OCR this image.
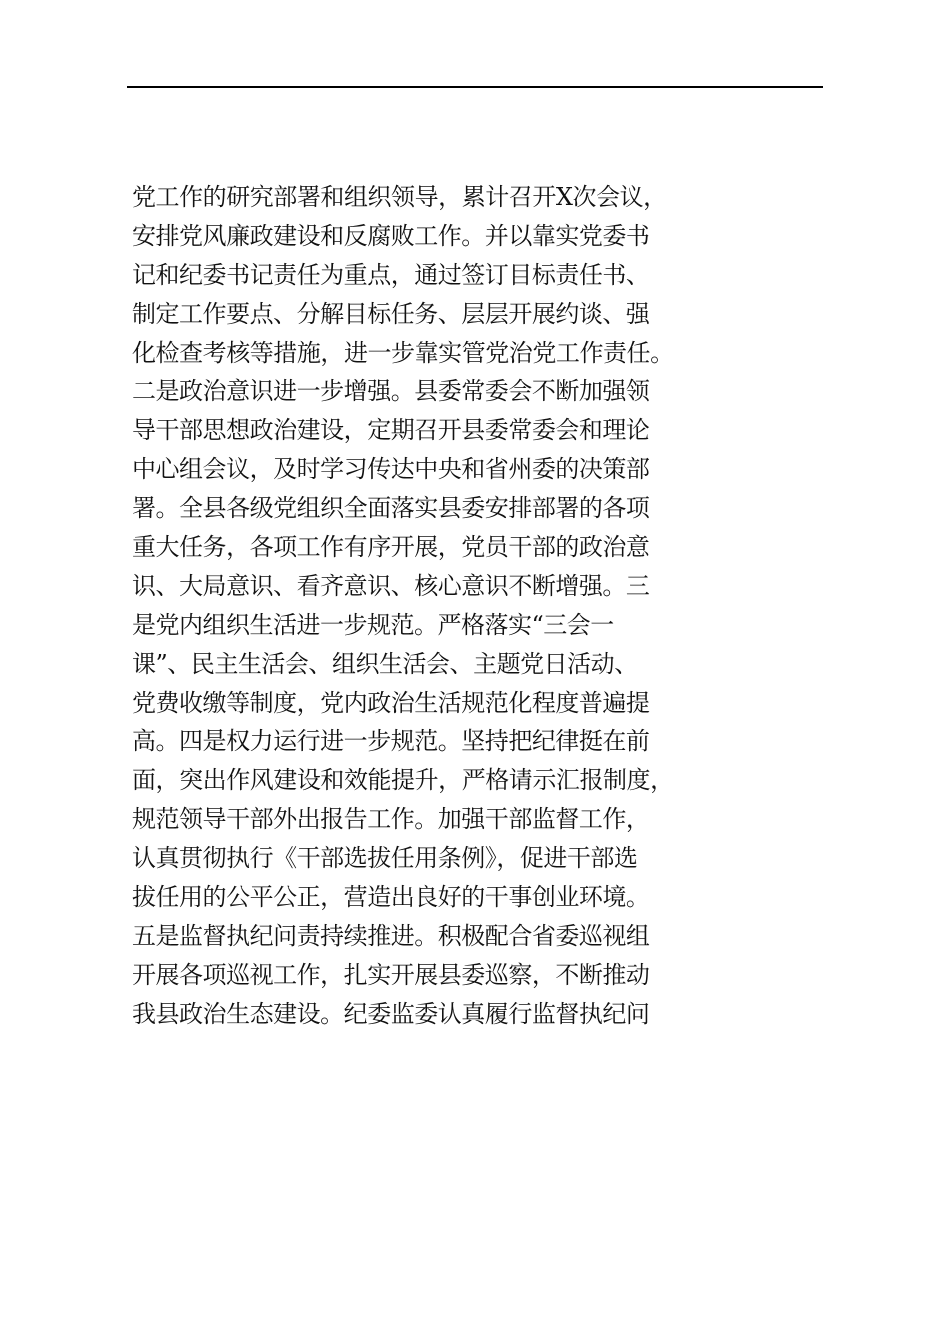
党工作的研究部署和组织领导，累计召开X次会议，
安排党风廉政建设和反腐败工作。并以靠实党委书
记和纪委书记责任为重点，通过签订目标责任书、
制定工作要点、分解目标任务、层层开展约谈、强
化检查考核等措施，进一步靠实管党治党工作责任。
二是政治意识进一步增强。县委常委会不断加强领
导干部思想政治建设，定期召开县委常委会和理论
中心组会议，及时学习传达中央和省州委的决策部
署。全县各级党组织全面落实县委安排部署的各项
重大任务，各项工作有序开展，党员干部的政治意
识、大局意识、看齐意识、核心意识不断增强。三
是党内组织生活进一步规范。严格落实“三会一
课”、民主生活会、组织生活会、主题党日活动、
党费收缴等制度，党内政治生活规范化程度普遍提
高。四是权力运行进一步规范。坚持把纪律挺在前
面，突出作风建设和效能提升，严格请示汇报制度，
规范领导干部外出报告工作。加强干部监督工作，
认真贯彻执行《干部选拔任用条例》，促进干部选
拔任用的公平公正，营造出良好的干事创业环境。
五是监督执纪问责持续推进。积极配合省委巡视组
开展各项巡视工作，扎实开展县委巡察，不断推动
我县政治生态建设。纪委监委认真履行监督执纪问
